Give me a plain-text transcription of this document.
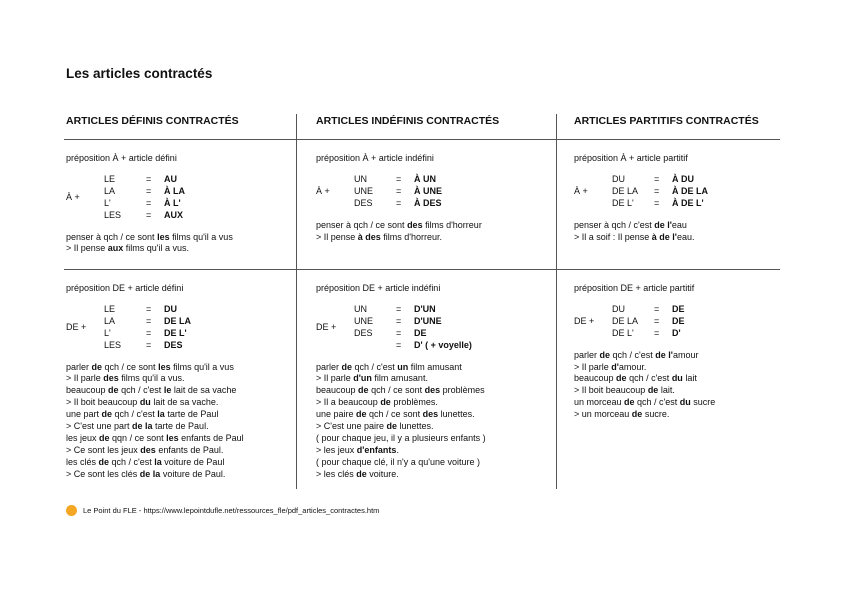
Les articles contractés
ARTICLES DÉFINIS CONTRACTÉS	ARTICLES INDÉFINIS CONTRACTÉS	ARTICLES PARTITIFS CONTRACTÉS
préposition À + article défini
À +	LE	=	AU
	LA	=	À LA
	L'	=	À L'
	LES	=	AUX
penser à qch / ce sont les films qu'il a vus
> Il pense aux films qu'il a vus.
préposition À + article indéfini
À +	UN	=	À UN
	UNE	=	À UNE
	DES	=	À DES
penser à qch / ce sont des films d'horreur
> Il pense à des films d'horreur.
préposition À + article partitif
À +	DU	=	À DU
	DE LA	=	À DE LA
	DE L'	=	À DE L'
penser à qch / c'est de l'eau
> Il a soif : Il pense à de l'eau.
préposition DE + article défini
DE +	LE	=	DU
	LA	=	DE LA
	L'	=	DE L'
	LES	=	DES
parler de qch / ce sont les films qu'il a vus
> Il parle des films qu'il a vus.
beaucoup de qch / c'est le lait de sa vache
> Il boit beaucoup du lait de sa vache.
une part de qch / c'est la tarte de Paul
> C'est une part de la tarte de Paul.
les jeux de qqn / ce sont les enfants de Paul
> Ce sont les jeux des enfants de Paul.
les clés de qch / c'est la voiture de Paul
> Ce sont les clés de la voiture de Paul.
préposition DE + article indéfini
DE +	UN	=	D'UN
	UNE	=	D'UNE
	DES	=	DE
		=	D' ( + voyelle)
parler de qch / c'est un film amusant
> Il parle d'un film amusant.
beaucoup de qch / ce sont des problèmes
> Il a beaucoup de problèmes.
une paire de qch / ce sont des lunettes.
> C'est une paire de lunettes.
( pour chaque jeu, il y a plusieurs enfants )
> les jeux d'enfants.
( pour chaque clé, il n'y a qu'une voiture )
> les clés de voiture.
préposition DE + article partitif
DE +	DU	=	DE
	DE LA	=	DE
	DE L'	=	D'
parler de qch / c'est de l'amour
> Il parle d'amour.
beaucoup de qch / c'est du lait
> Il boit beaucoup de lait.
un morceau de qch / c'est du sucre
> un morceau de sucre.
Le Point du FLE - https://www.lepointdufle.net/ressources_fle/pdf_articles_contractes.htm
